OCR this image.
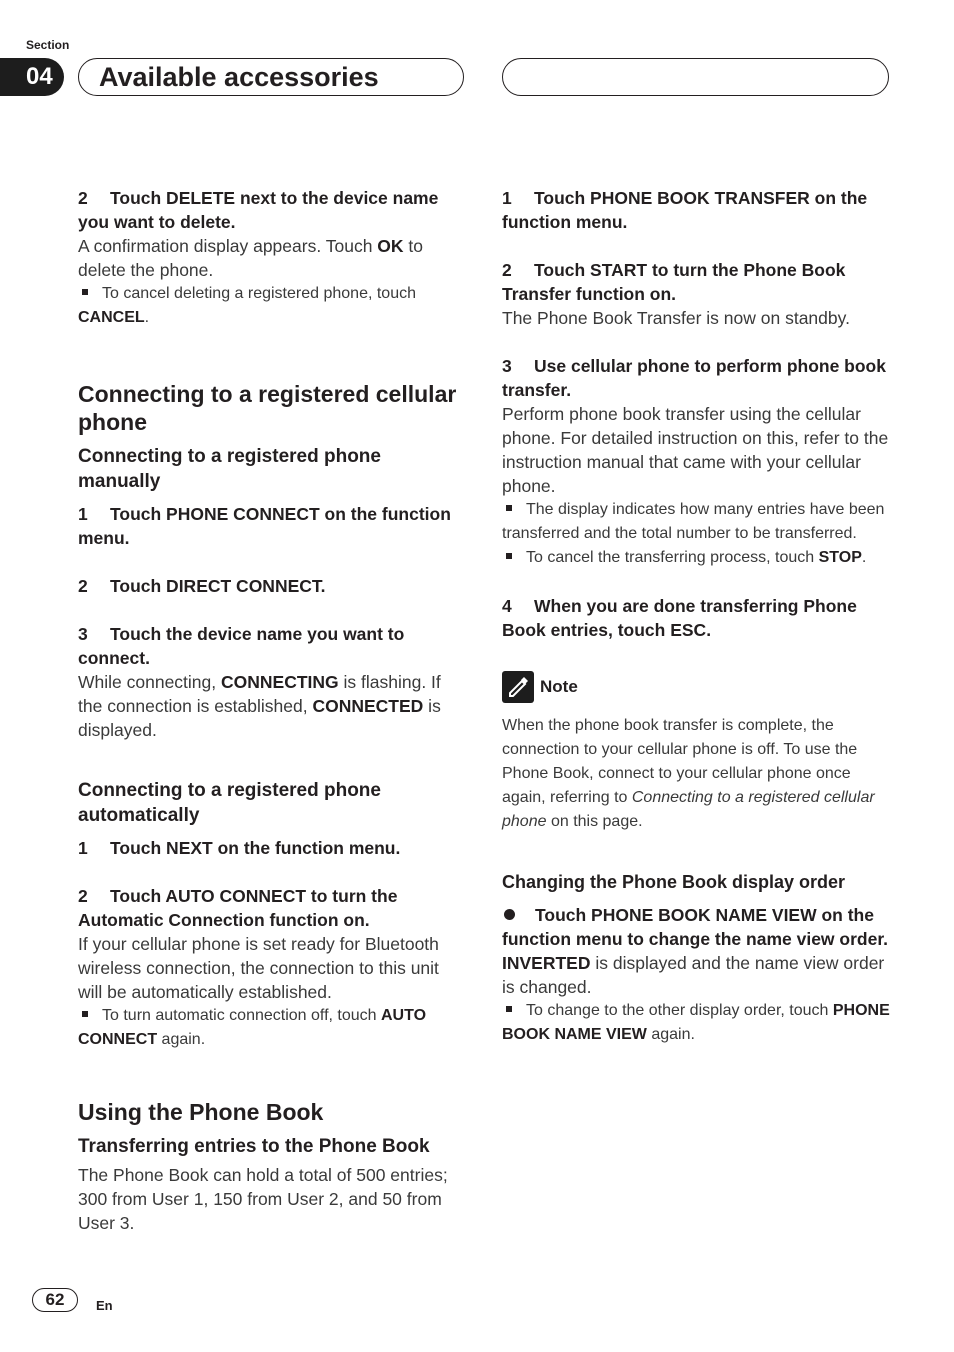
Section
04	Available accessories

2 Touch DELETE next to the device name you want to delete.

A confirmation display appears. Touch OK to delete the phone.

To cancel deleting a registered phone, touch CANCEL.

Connecting to a registered cellular phone

Connecting to a registered phone manually

1 Touch PHONE CONNECT on the function menu.

2 Touch DIRECT CONNECT.

3 Touch the device name you want to connect.

While connecting, CONNECTING is flashing. If the connection is established, CONNECTED is displayed.

Connecting to a registered phone automatically

1 Touch NEXT on the function menu.

2 Touch AUTO CONNECT to turn the Automatic Connection function on.

If your cellular phone is set ready for Bluetooth wireless connection, the connection to this unit will be automatically established.

To turn automatic connection off, touch AUTO CONNECT again.

Using the Phone Book

Transferring entries to the Phone Book

The Phone Book can hold a total of 500 entries; 300 from User 1, 150 from User 2, and 50 from User 3.

1 Touch PHONE BOOK TRANSFER on the function menu.

2 Touch START to turn the Phone Book Transfer function on.

The Phone Book Transfer is now on standby.

3 Use cellular phone to perform phone book transfer.

Perform phone book transfer using the cellular phone. For detailed instruction on this, refer to the instruction manual that came with your cellular phone.

The display indicates how many entries have been transferred and the total number to be transferred.

To cancel the transferring process, touch STOP.

4 When you are done transferring Phone Book entries, touch ESC.

Note

When the phone book transfer is complete, the connection to your cellular phone is off. To use the Phone Book, connect to your cellular phone once again, referring to Connecting to a registered cellular phone on this page.

Changing the Phone Book display order

Touch PHONE BOOK NAME VIEW on the function menu to change the name view order.

INVERTED is displayed and the name view order is changed.

To change to the other display order, touch PHONE BOOK NAME VIEW again.

62	En
